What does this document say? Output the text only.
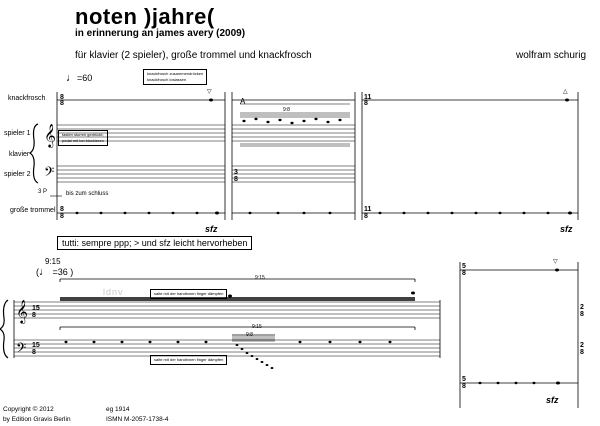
noten )jahre(
in erinnerung an james avery (2009)
für klavier (2 spieler), große trommel und knackfrosch	wolfram schurig
♩=60	knackfrosch zusammendrücken
knackfrosch loslassen
knackfrosch
spieler 1
klavier
spieler 2
große trommel
tasten stumm gedrückt;
pedal mit kei blockieren
3 P	bis zum schluss
9:8
A
sfz	sfz
tutti: sempre ppp; > und sfz leicht hervorheben
9:15
(♩ =36 )
9:15
9:15
9:8
saite mit der handinnen finger dämpfen
saite mit der handinnen finger dämpfen
ldnv
sfz
Copyright © 2012
by Edition Gravis Berlin
eg 1914
ISMN M-2057-1738-4
𝄞
𝄢
8
8
8
8
3
8
11
8
11
8
▽	△
𝄞
𝄢
15
8
15
8
5
8
5
8
2
8
2
8
▽
